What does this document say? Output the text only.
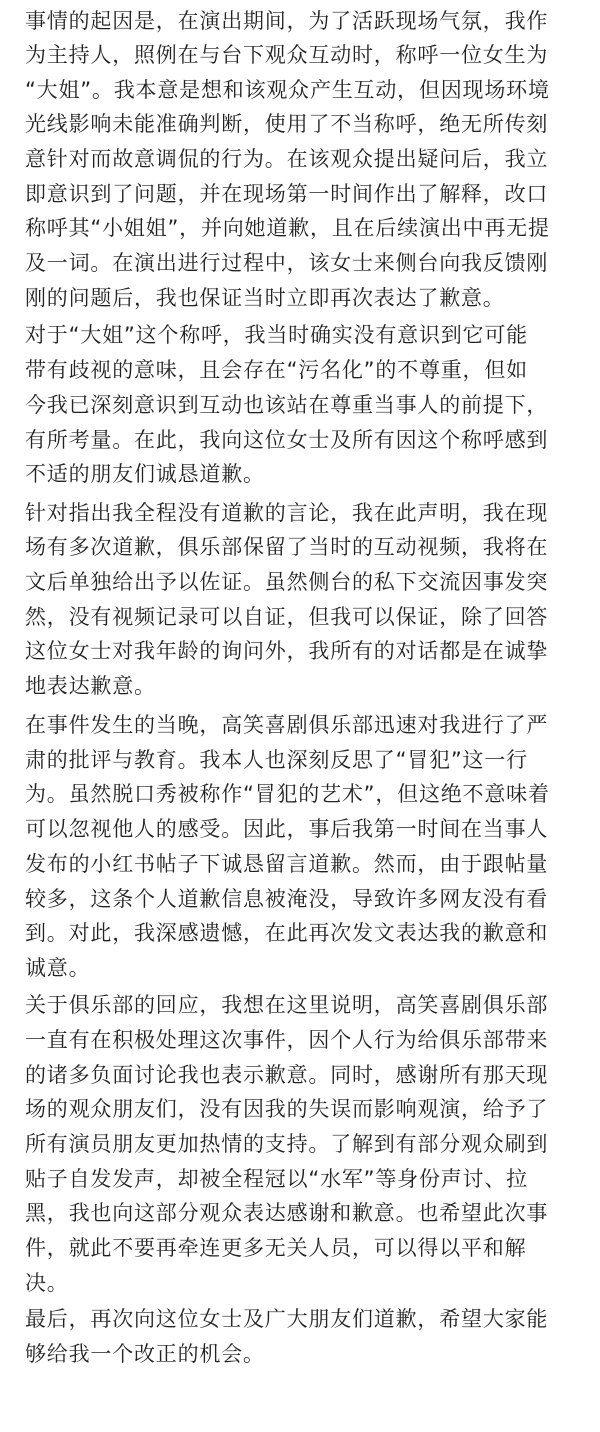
事情的起因是，在演出期间，为了活跃现场气氛，我作
为主持人，照例在与台下观众互动时，称呼一位女生为
“大姐”。我本意是想和该观众产生互动，但因现场环境
光线影响未能准确判断，使用了不当称呼，绝无所传刻
意针对而故意调侃的行为。在该观众提出疑问后，我立
即意识到了问题，并在现场第一时间作出了解释，改口
称呼其“小姐姐”，并向她道歉，且在后续演出中再无提
及一词。在演出进行过程中，该女士来侧台向我反馈刚
刚的问题后，我也保证当时立即再次表达了歉意。
对于“大姐”这个称呼，我当时确实没有意识到它可能
带有歧视的意味，且会存在“污名化”的不尊重，但如
今我已深刻意识到互动也该站在尊重当事人的前提下，
有所考量。在此，我向这位女士及所有因这个称呼感到
不适的朋友们诚恳道歉。
针对指出我全程没有道歉的言论，我在此声明，我在现
场有多次道歉，俱乐部保留了当时的互动视频，我将在
文后单独给出予以佐证。虽然侧台的私下交流因事发突
然，没有视频记录可以自证，但我可以保证，除了回答
这位女士对我年龄的询问外，我所有的对话都是在诚挚
地表达歉意。
在事件发生的当晚，高笑喜剧俱乐部迅速对我进行了严
肃的批评与教育。我本人也深刻反思了“冒犯”这一行
为。虽然脱口秀被称作“冒犯的艺术”，但这绝不意味着
可以忽视他人的感受。因此，事后我第一时间在当事人
发布的小红书帖子下诚恳留言道歉。然而，由于跟帖量
较多，这条个人道歉信息被淹没，导致许多网友没有看
到。对此，我深感遗憾，在此再次发文表达我的歉意和
诚意。
关于俱乐部的回应，我想在这里说明，高笑喜剧俱乐部
一直有在积极处理这次事件，因个人行为给俱乐部带来
的诸多负面讨论我也表示歉意。同时，感谢所有那天现
场的观众朋友们，没有因我的失误而影响观演，给予了
所有演员朋友更加热情的支持。了解到有部分观众刷到
贴子自发发声，却被全程冠以“水军”等身份声讨、拉
黑，我也向这部分观众表达感谢和歉意。也希望此次事
件，就此不要再牵连更多无关人员，可以得以平和解
决。
最后，再次向这位女士及广大朋友们道歉，希望大家能
够给我一个改正的机会。
